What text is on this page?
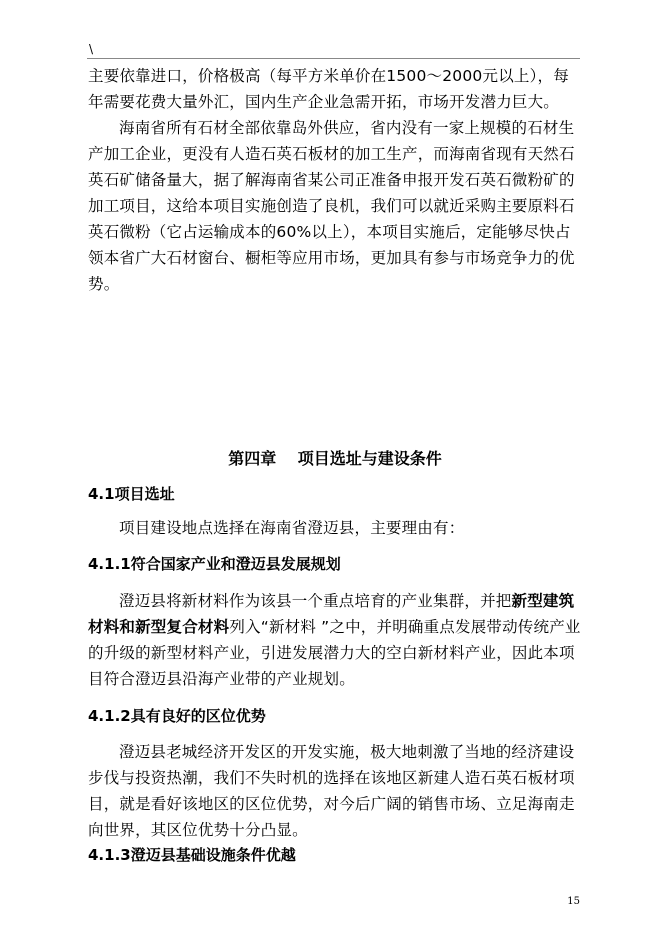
\

主要依靠进口，价格极高（每平方米单价在1500～2000元以上），每年需要花费大量外汇，国内生产企业急需开拓，市场开发潜力巨大。

海南省所有石材全部依靠岛外供应，省内没有一家上规模的石材生产加工企业，更没有人造石英石板材的加工生产，而海南省现有天然石英石矿储备量大，据了解海南省某公司正准备申报开发石英石微粉矿的加工项目，这给本项目实施创造了良机，我们可以就近采购主要原料石英石微粉（它占运输成本的60%以上），本项目实施后，定能够尽快占领本省广大石材窗台、橱柜等应用市场，更加具有参与市场竞争力的优势。

第四章　 项目选址与建设条件
4.1项目选址

项目建设地点选择在海南省澄迈县，主要理由有：

4.1.1符合国家产业和澄迈县发展规划

澄迈县将新材料作为该县一个重点培育的产业集群，并把新型建筑材料和新型复合材料列入“新材料 ”之中，并明确重点发展带动传统产业的升级的新型材料产业，引进发展潜力大的空白新材料产业，因此本项目符合澄迈县沿海产业带的产业规划。

4.1.2具有良好的区位优势

澄迈县老城经济开发区的开发实施，极大地刺激了当地的经济建设步伐与投资热潮，我们不失时机的选择在该地区新建人造石英石板材项目，就是看好该地区的区位优势，对今后广阔的销售市场、立足海南走向世界，其区位优势十分凸显。

4.1.3澄迈县基础设施条件优越
15
